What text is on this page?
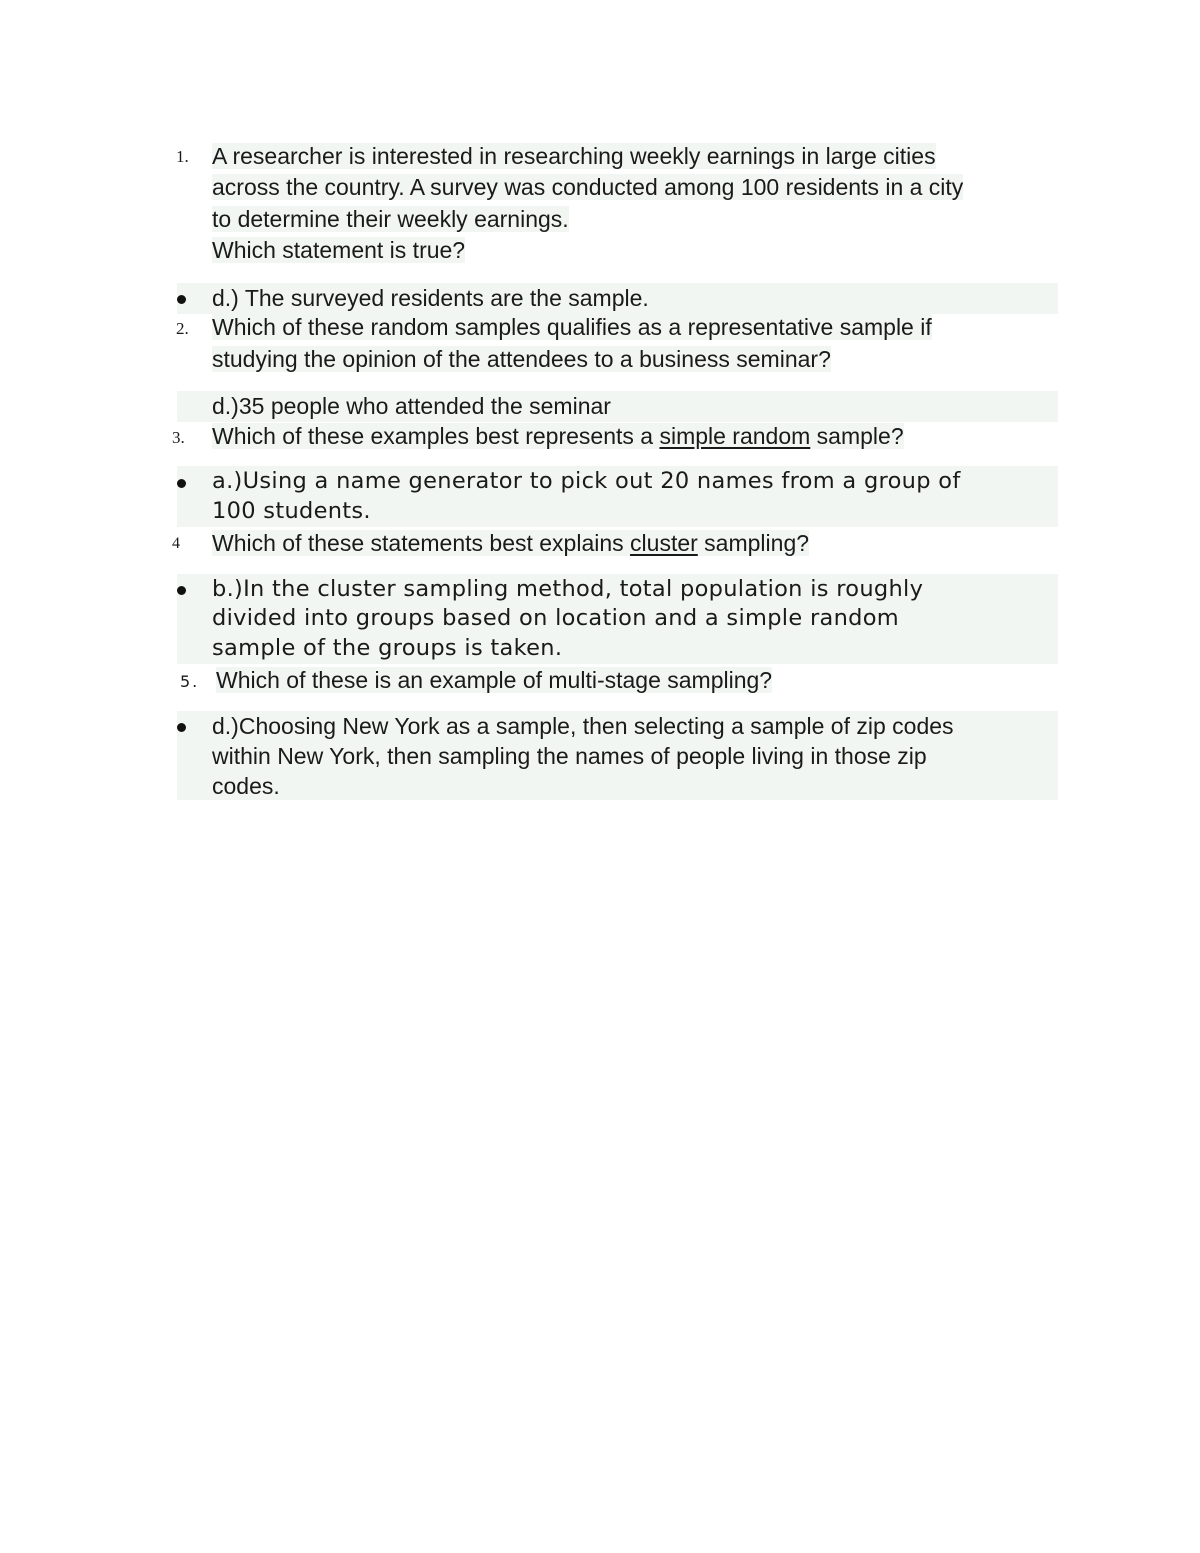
1. A researcher is interested in researching weekly earnings in large cities
across the country. A survey was conducted among 100 residents in a city
to determine their weekly earnings.
Which statement is true?
d.) The surveyed residents are the sample.
2. Which of these random samples qualifies as a representative sample if
studying the opinion of the attendees to a business seminar?
d.)35 people who attended the seminar
3. Which of these examples best represents a simple random sample?
a.)Using a name generator to pick out 20 names from a group of
100 students.
4 Which of these statements best explains cluster sampling?
b.)In the cluster sampling method, total population is roughly
divided into groups based on location and a simple random
sample of the groups is taken.
5. Which of these is an example of multi-stage sampling?
d.)Choosing New York as a sample, then selecting a sample of zip codes
within New York, then sampling the names of people living in those zip
codes.
